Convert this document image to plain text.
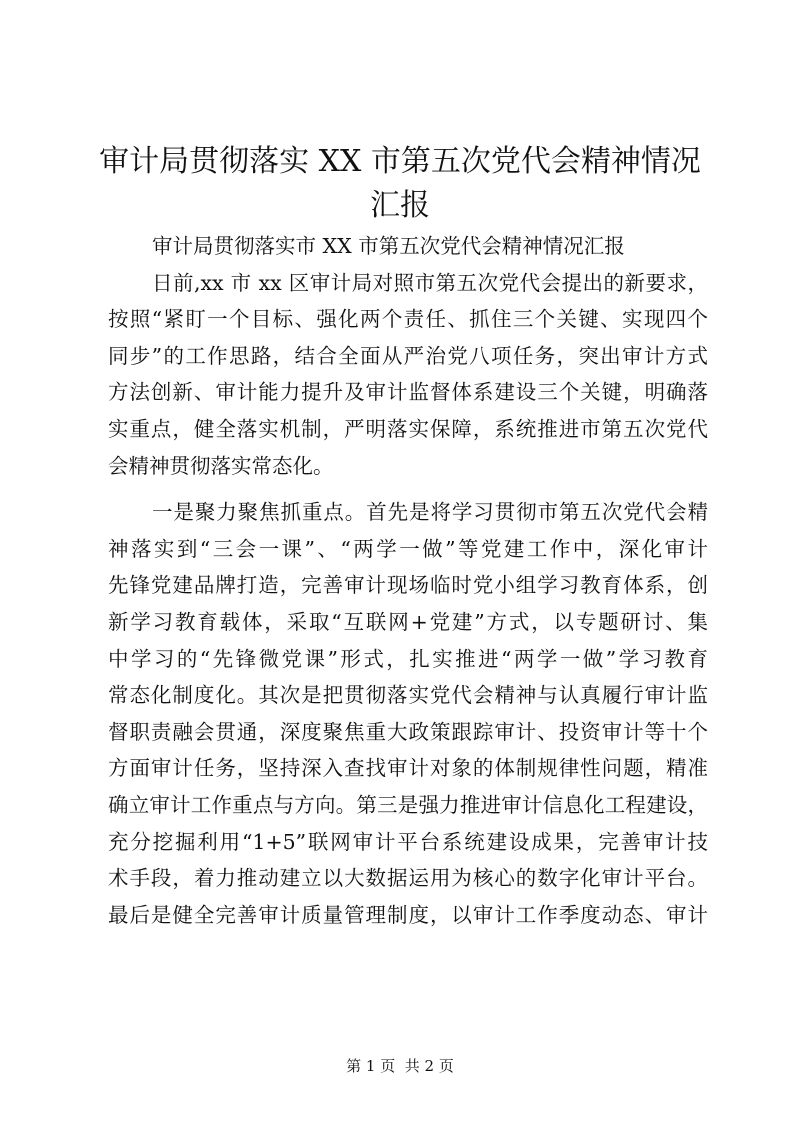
审计局贯彻落实 XX 市第五次党代会精神情况
汇报

审计局贯彻落实市 XX 市第五次党代会精神情况汇报

日前,xx 市 xx 区审计局对照市第五次党代会提出的新要求，
按照“紧盯一个目标、强化两个责任、抓住三个关键、实现四个
同步”的工作思路，结合全面从严治党八项任务，突出审计方式
方法创新、审计能力提升及审计监督体系建设三个关键，明确落
实重点，健全落实机制，严明落实保障，系统推进市第五次党代
会精神贯彻落实常态化。

一是聚力聚焦抓重点。首先是将学习贯彻市第五次党代会精
神落实到“三会一课”、“两学一做”等党建工作中，深化审计
先锋党建品牌打造，完善审计现场临时党小组学习教育体系，创
新学习教育载体，采取“互联网+党建”方式，以专题研讨、集
中学习的“先锋微党课”形式，扎实推进“两学一做”学习教育
常态化制度化。其次是把贯彻落实党代会精神与认真履行审计监
督职责融会贯通，深度聚焦重大政策跟踪审计、投资审计等十个
方面审计任务，坚持深入查找审计对象的体制规律性问题，精准
确立审计工作重点与方向。第三是强力推进审计信息化工程建设，
充分挖掘利用“1+5”联网审计平台系统建设成果，完善审计技
术手段，着力推动建立以大数据运用为核心的数字化审计平台。
最后是健全完善审计质量管理制度，以审计工作季度动态、审计

第 1 页  共 2 页
